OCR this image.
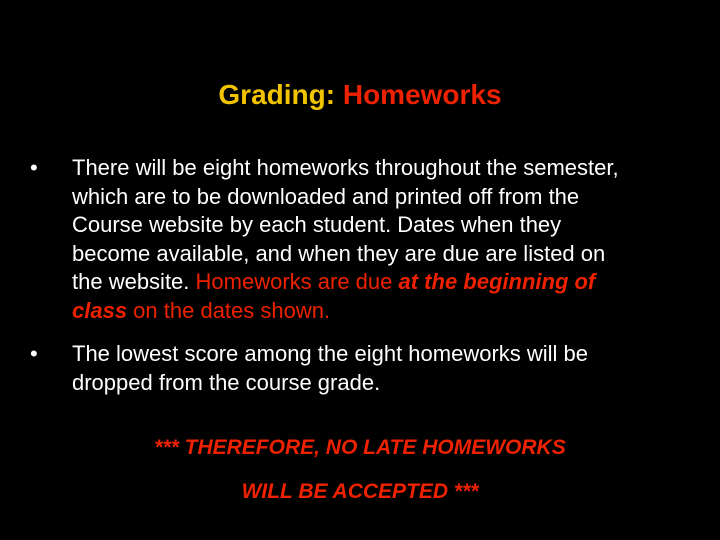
Grading: Homeworks
•	There will be eight homeworks throughout the semester,
which are to be downloaded and printed off from the
Course website by each student. Dates when they
become available, and when they are due are listed on
the website. Homeworks are due at the beginning of
class on the dates shown.
•	The lowest score among the eight homeworks will be
dropped from the course grade.
*** THEREFORE, NO LATE HOMEWORKS
WILL BE ACCEPTED ***
